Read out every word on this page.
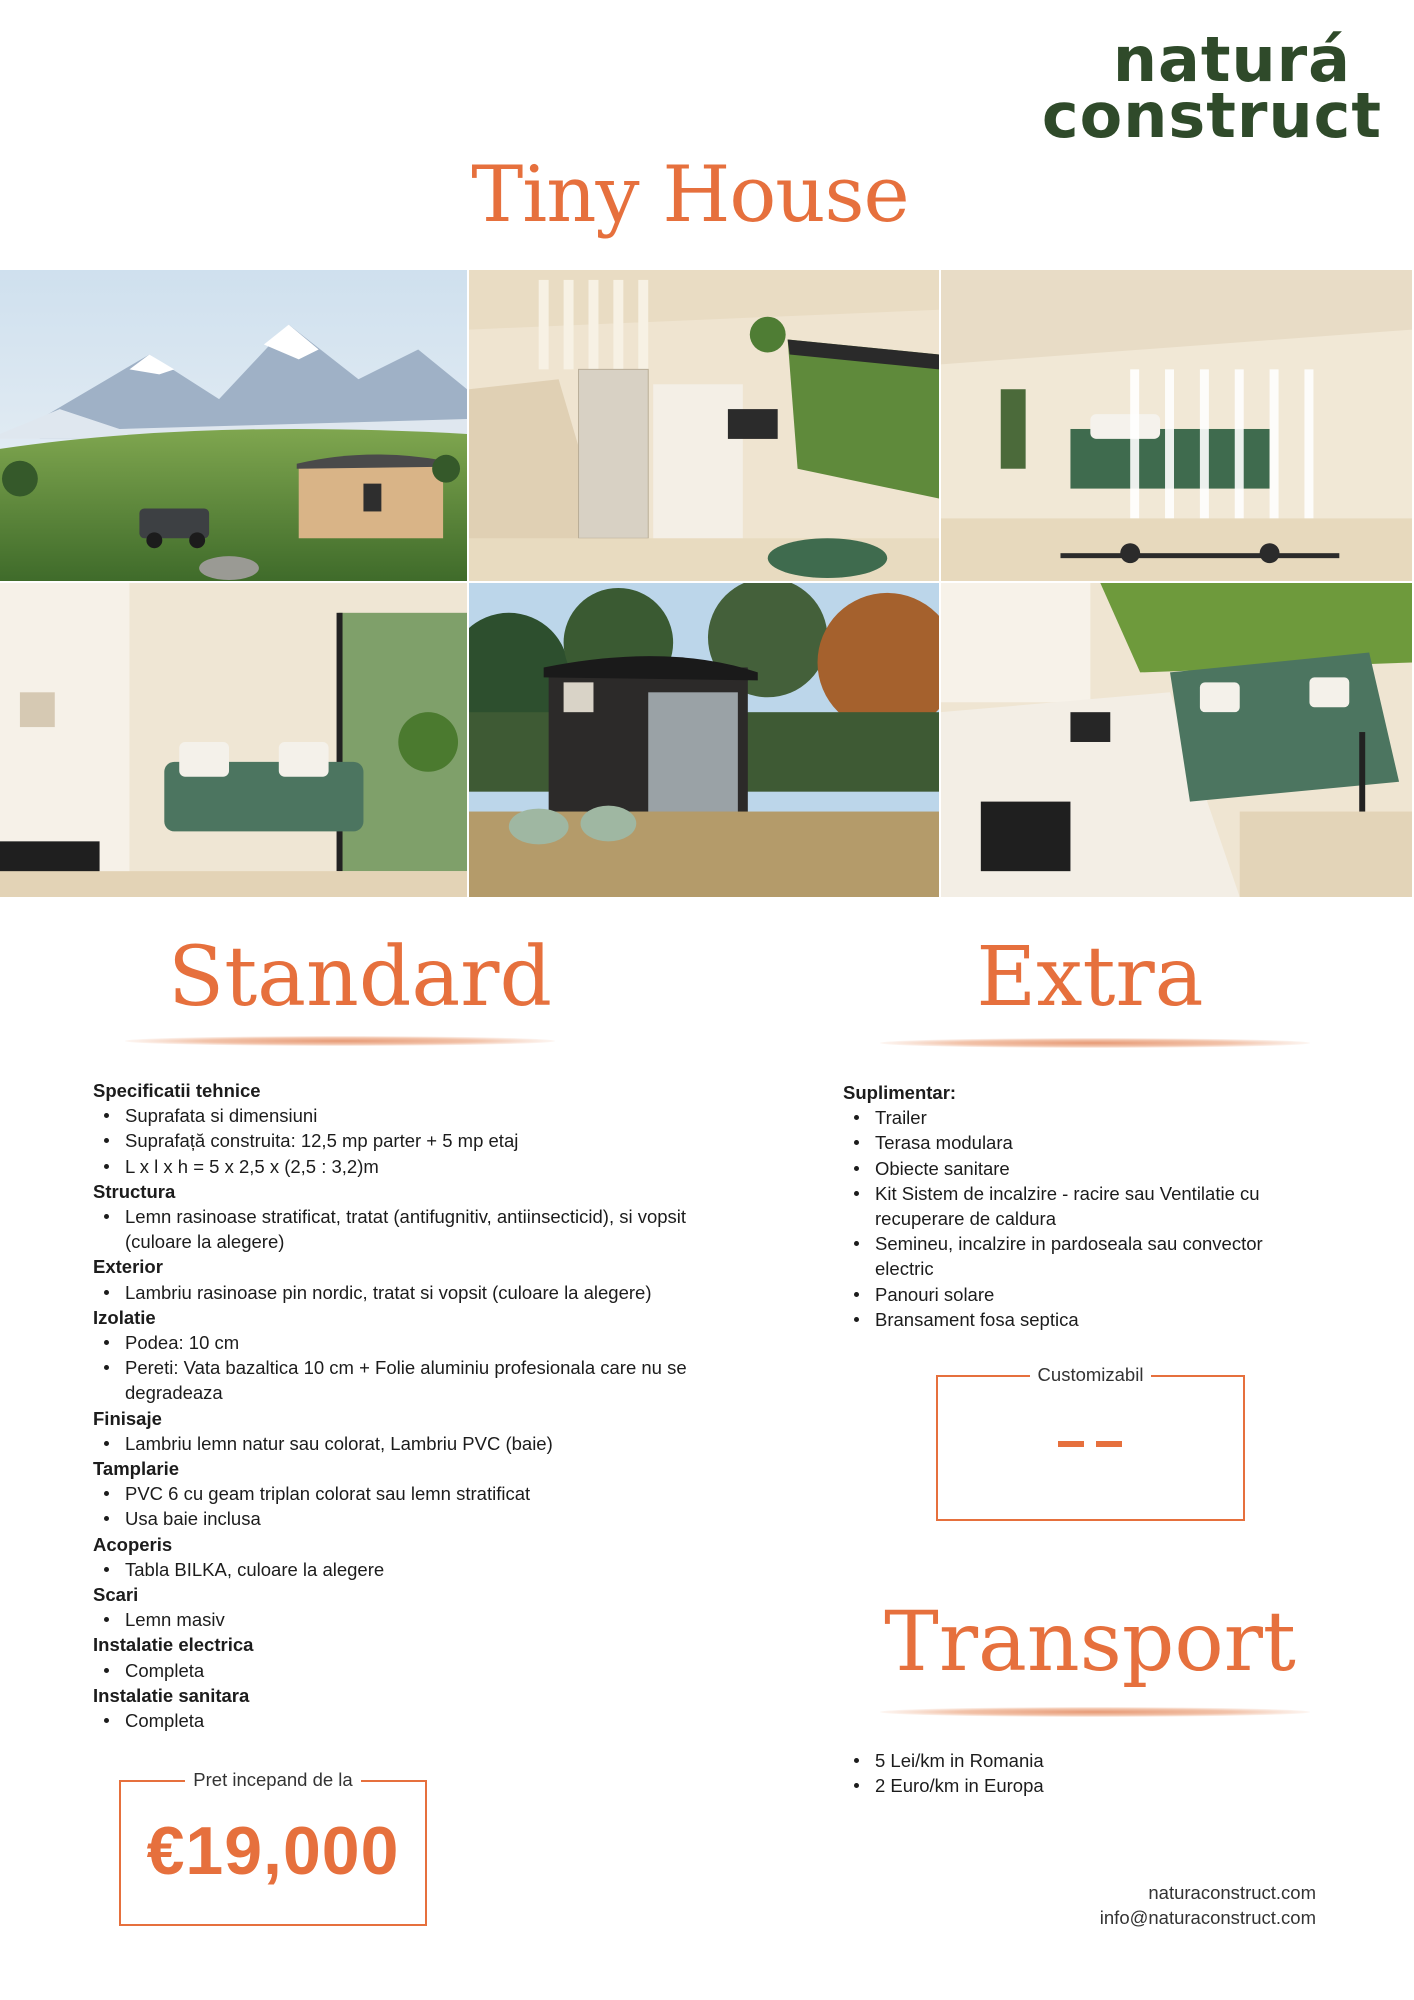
naturá
construct
Tiny House
Standard
Specificatii tehnice
Suprafata si dimensiuni
Suprafață construita: 12,5 mp parter + 5 mp etaj
L x l x h = 5 x 2,5 x (2,5 : 3,2)m
Structura
Lemn rasinoase stratificat, tratat (antifugnitiv, antiinsecticid), si vopsit (culoare la alegere)
Exterior
Lambriu rasinoase pin nordic, tratat si vopsit (culoare la alegere)
Izolatie
Podea: 10 cm
Pereti: Vata bazaltica 10 cm + Folie aluminiu profesionala care nu se degradeaza
Finisaje
Lambriu lemn natur sau colorat, Lambriu PVC (baie)
Tamplarie
PVC 6 cu geam triplan colorat sau lemn stratificat
Usa baie inclusa
Acoperis
Tabla BILKA, culoare la alegere
Scari
Lemn masiv
Instalatie electrica
Completa
Instalatie sanitara
Completa
Pret incepand de la
€19,000
Extra
Suplimentar:
Trailer
Terasa modulara
Obiecte sanitare
Kit Sistem de incalzire - racire sau Ventilatie cu recuperare de caldura
Semineu, incalzire in pardoseala sau convector electric
Panouri solare
Bransament fosa septica
Customizabil
Transport
5 Lei/km in Romania
2 Euro/km in Europa
naturaconstruct.com
info@naturaconstruct.com
